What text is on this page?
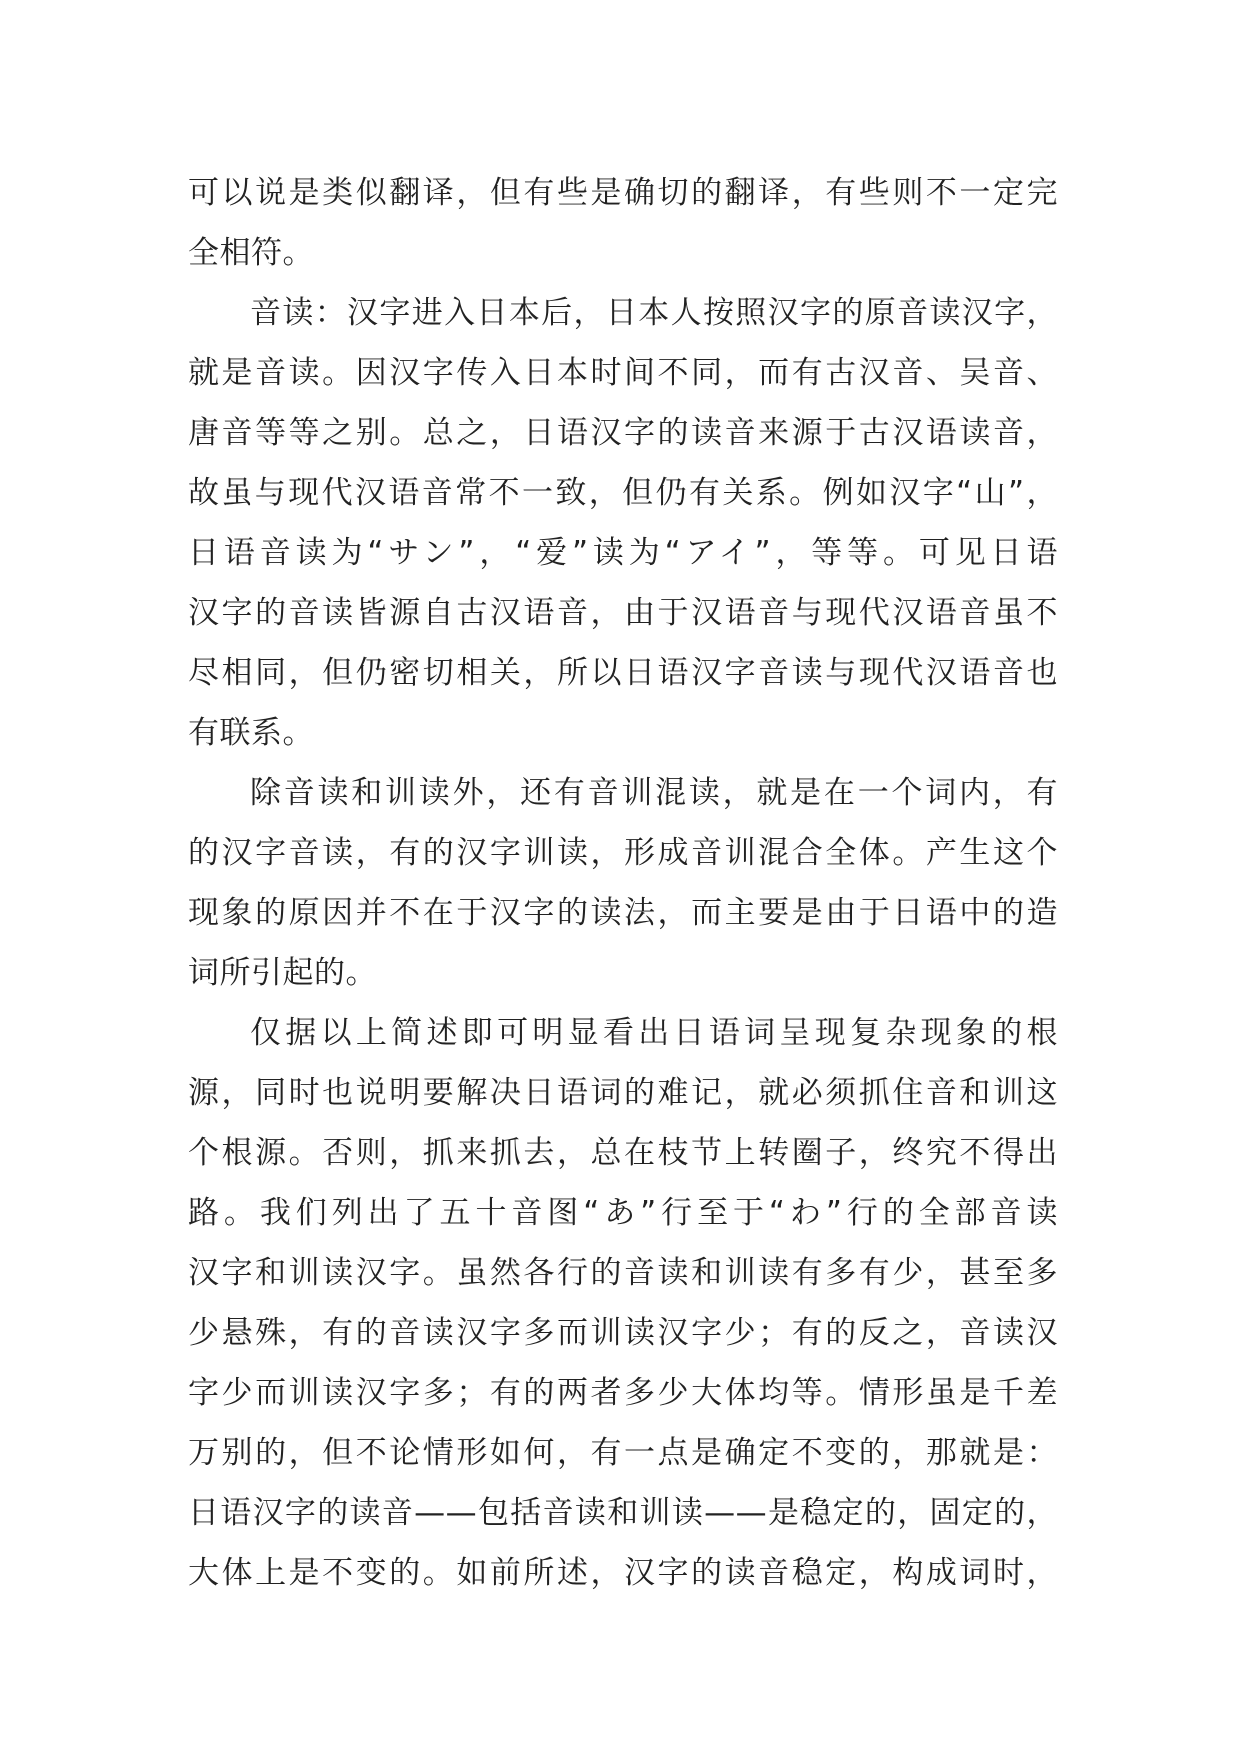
可以说是类似翻译，但有些是确切的翻译，有些则不一定完
全相符。
音读：汉字进入日本后，日本人按照汉字的原音读汉字，
就是音读。因汉字传入日本时间不同，而有古汉音、吴音、
唐音等等之别。总之，日语汉字的读音来源于古汉语读音，
故虽与现代汉语音常不一致，但仍有关系。例如汉字“山”，
日语音读为“サン”，“爱”读为“アイ”，等等。可见日语
汉字的音读皆源自古汉语音，由于汉语音与现代汉语音虽不
尽相同，但仍密切相关，所以日语汉字音读与现代汉语音也
有联系。
除音读和训读外，还有音训混读，就是在一个词内，有
的汉字音读，有的汉字训读，形成音训混合全体。产生这个
现象的原因并不在于汉字的读法，而主要是由于日语中的造
词所引起的。
仅据以上简述即可明显看出日语词呈现复杂现象的根
源，同时也说明要解决日语词的难记，就必须抓住音和训这
个根源。否则，抓来抓去，总在枝节上转圈子，终究不得出
路。我们列出了五十音图“あ”行至于“わ”行的全部音读
汉字和训读汉字。虽然各行的音读和训读有多有少，甚至多
少悬殊，有的音读汉字多而训读汉字少；有的反之，音读汉
字少而训读汉字多；有的两者多少大体均等。情形虽是千差
万别的，但不论情形如何，有一点是确定不变的，那就是：
日语汉字的读音——包括音读和训读——是稳定的，固定的，
大体上是不变的。如前所述，汉字的读音稳定，构成词时，
